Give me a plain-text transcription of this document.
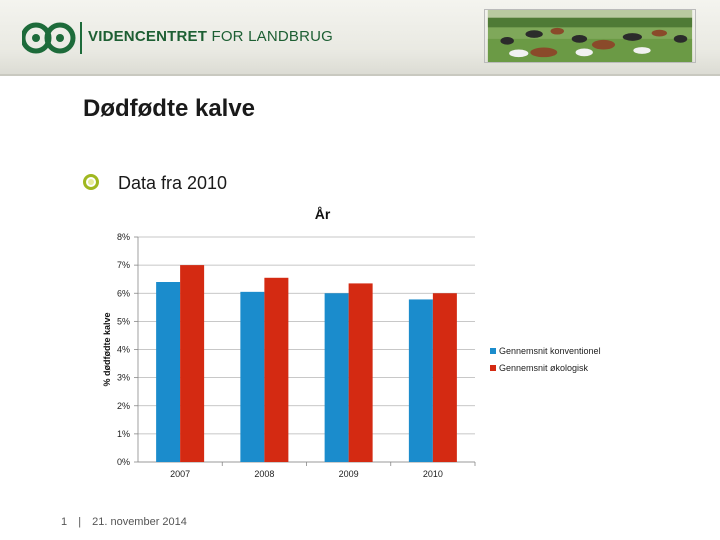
VIDENCENTRET FOR LANDBRUG
Dødfødte kalve
Data fra 2010
År
0%
1%
2%
3%
4%
5%
6%
7%
8%
% dødfødte kalve
2007	2008	2009	2010
Gennemsnit konventionel
Gennemsnit økologisk
1 | 21. november 2014
